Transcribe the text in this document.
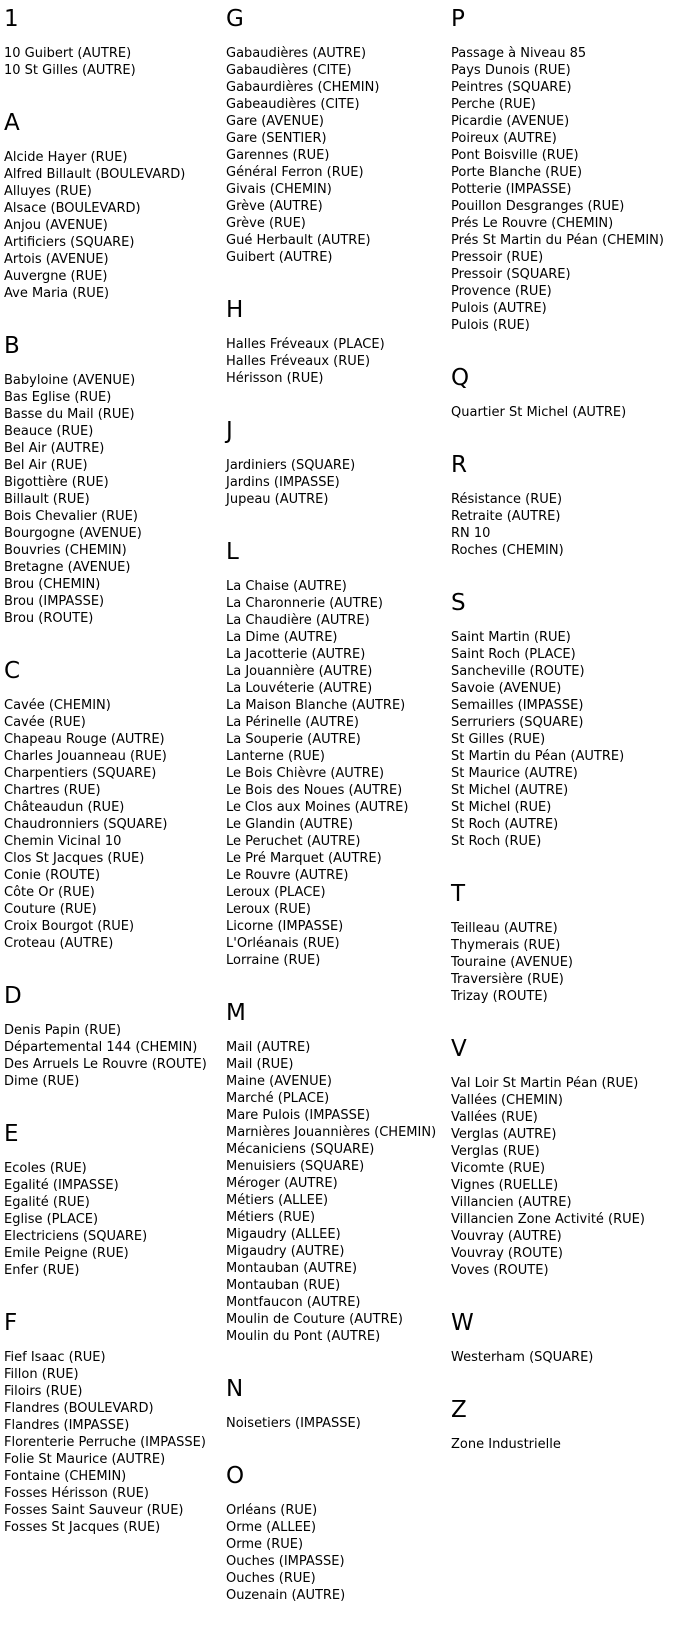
1
10 Guibert (AUTRE)
10 St Gilles (AUTRE)
A
Alcide Hayer (RUE)
Alfred Billault (BOULEVARD)
Alluyes (RUE)
Alsace (BOULEVARD)
Anjou (AVENUE)
Artificiers (SQUARE)
Artois (AVENUE)
Auvergne (RUE)
Ave Maria (RUE)
B
Babyloine (AVENUE)
Bas Eglise (RUE)
Basse du Mail (RUE)
Beauce (RUE)
Bel Air (AUTRE)
Bel Air (RUE)
Bigottière (RUE)
Billault (RUE)
Bois Chevalier (RUE)
Bourgogne (AVENUE)
Bouvries (CHEMIN)
Bretagne (AVENUE)
Brou (CHEMIN)
Brou (IMPASSE)
Brou (ROUTE)
C
Cavée (CHEMIN)
Cavée (RUE)
Chapeau Rouge (AUTRE)
Charles Jouanneau (RUE)
Charpentiers (SQUARE)
Chartres (RUE)
Châteaudun (RUE)
Chaudronniers (SQUARE)
Chemin Vicinal 10
Clos St Jacques (RUE)
Conie (ROUTE)
Côte Or (RUE)
Couture (RUE)
Croix Bourgot (RUE)
Croteau (AUTRE)
D
Denis Papin (RUE)
Départemental 144 (CHEMIN)
Des Arruels Le Rouvre (ROUTE)
Dime (RUE)
E
Ecoles (RUE)
Egalité (IMPASSE)
Egalité (RUE)
Eglise (PLACE)
Electriciens (SQUARE)
Emile Peigne (RUE)
Enfer (RUE)
F
Fief Isaac (RUE)
Fillon (RUE)
Filoirs (RUE)
Flandres (BOULEVARD)
Flandres (IMPASSE)
Florenterie Perruche (IMPASSE)
Folie St Maurice (AUTRE)
Fontaine (CHEMIN)
Fosses Hérisson (RUE)
Fosses Saint Sauveur (RUE)
Fosses St Jacques (RUE)
G
Gabaudières (AUTRE)
Gabaudières (CITE)
Gabaurdières (CHEMIN)
Gabeaudières (CITE)
Gare (AVENUE)
Gare (SENTIER)
Garennes (RUE)
Général Ferron (RUE)
Givais (CHEMIN)
Grève (AUTRE)
Grève (RUE)
Gué Herbault (AUTRE)
Guibert (AUTRE)
H
Halles Fréveaux (PLACE)
Halles Fréveaux (RUE)
Hérisson (RUE)
J
Jardiniers (SQUARE)
Jardins (IMPASSE)
Jupeau (AUTRE)
L
La Chaise (AUTRE)
La Charonnerie (AUTRE)
La Chaudière (AUTRE)
La Dime (AUTRE)
La Jacotterie (AUTRE)
La Jouannière (AUTRE)
La Louvéterie (AUTRE)
La Maison Blanche (AUTRE)
La Périnelle (AUTRE)
La Souperie (AUTRE)
Lanterne (RUE)
Le Bois Chièvre (AUTRE)
Le Bois des Noues (AUTRE)
Le Clos aux Moines (AUTRE)
Le Glandin (AUTRE)
Le Peruchet (AUTRE)
Le Pré Marquet (AUTRE)
Le Rouvre (AUTRE)
Leroux (PLACE)
Leroux (RUE)
Licorne (IMPASSE)
L'Orléanais (RUE)
Lorraine (RUE)
M
Mail (AUTRE)
Mail (RUE)
Maine (AVENUE)
Marché (PLACE)
Mare Pulois (IMPASSE)
Marnières Jouannières (CHEMIN)
Mécaniciens (SQUARE)
Menuisiers (SQUARE)
Méroger (AUTRE)
Métiers (ALLEE)
Métiers (RUE)
Migaudry (ALLEE)
Migaudry (AUTRE)
Montauban (AUTRE)
Montauban (RUE)
Montfaucon (AUTRE)
Moulin de Couture (AUTRE)
Moulin du Pont (AUTRE)
N
Noisetiers (IMPASSE)
O
Orléans (RUE)
Orme (ALLEE)
Orme (RUE)
Ouches (IMPASSE)
Ouches (RUE)
Ouzenain (AUTRE)
P
Passage à Niveau 85
Pays Dunois (RUE)
Peintres (SQUARE)
Perche (RUE)
Picardie (AVENUE)
Poireux (AUTRE)
Pont Boisville (RUE)
Porte Blanche (RUE)
Potterie (IMPASSE)
Pouillon Desgranges (RUE)
Prés Le Rouvre (CHEMIN)
Prés St Martin du Péan (CHEMIN)
Pressoir (RUE)
Pressoir (SQUARE)
Provence (RUE)
Pulois (AUTRE)
Pulois (RUE)
Q
Quartier St Michel (AUTRE)
R
Résistance (RUE)
Retraite (AUTRE)
RN 10
Roches (CHEMIN)
S
Saint Martin (RUE)
Saint Roch (PLACE)
Sancheville (ROUTE)
Savoie (AVENUE)
Semailles (IMPASSE)
Serruriers (SQUARE)
St Gilles (RUE)
St Martin du Péan (AUTRE)
St Maurice (AUTRE)
St Michel (AUTRE)
St Michel (RUE)
St Roch (AUTRE)
St Roch (RUE)
T
Teilleau (AUTRE)
Thymerais (RUE)
Touraine (AVENUE)
Traversière (RUE)
Trizay (ROUTE)
V
Val Loir St Martin Péan (RUE)
Vallées (CHEMIN)
Vallées (RUE)
Verglas (AUTRE)
Verglas (RUE)
Vicomte (RUE)
Vignes (RUELLE)
Villancien (AUTRE)
Villancien Zone Activité (RUE)
Vouvray (AUTRE)
Vouvray (ROUTE)
Voves (ROUTE)
W
Westerham (SQUARE)
Z
Zone Industrielle
